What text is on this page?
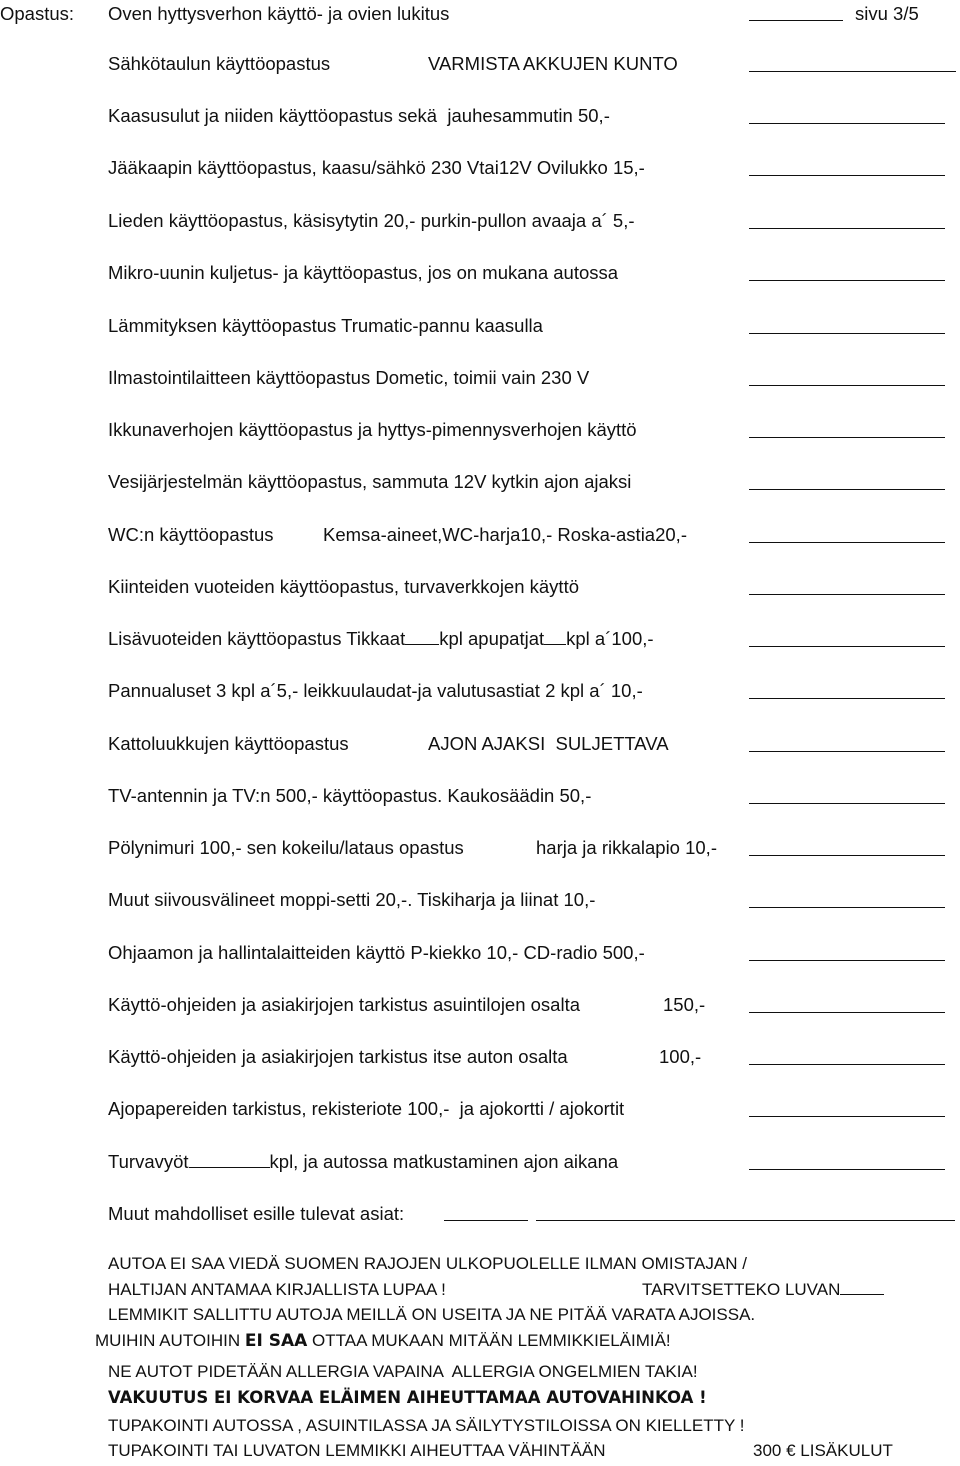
Opastus: Oven hyttysverhon käyttö- ja ovien lukitus	sivu 3/5
Sähkötaulun käyttöopastus	VARMISTA AKKUJEN KUNTO
Kaasusulut ja niiden käyttöopastus sekä  jauhesammutin 50,-
Jääkaapin käyttöopastus, kaasu/sähkö 230 Vtai12V Ovilukko 15,-
Lieden käyttöopastus, käsisytytin 20,- purkin-pullon avaaja a´ 5,-
Mikro-uunin kuljetus- ja käyttöopastus, jos on mukana autossa
Lämmityksen käyttöopastus Trumatic-pannu kaasulla
Ilmastointilaitteen käyttöopastus Dometic, toimii vain 230 V
Ikkunaverhojen käyttöopastus ja hyttys-pimennysverhojen käyttö
Vesijärjestelmän käyttöopastus, sammuta 12V kytkin ajon ajaksi
WC:n käyttöopastus	Kemsa-aineet,WC-harja10,- Roska-astia20,-
Kiinteiden vuoteiden käyttöopastus, turvaverkkojen käyttö
Lisävuoteiden käyttöopastus Tikkaat kpl apupatjat kpl a´100,-
Pannualuset 3 kpl a´5,- leikkuulaudat-ja valutusastiat 2 kpl a´ 10,-
Kattoluukkujen käyttöopastus	AJON AJAKSI  SULJETTAVA
TV-antennin ja TV:n 500,- käyttöopastus. Kaukosäädin 50,-
Pölynimuri 100,- sen kokeilu/lataus opastus	harja ja rikkalapio 10,-
Muut siivousvälineet moppi-setti 20,-. Tiskiharja ja liinat 10,-
Ohjaamon ja hallintalaitteiden käyttö P-kiekko 10,- CD-radio 500,-
Käyttö-ohjeiden ja asiakirjojen tarkistus asuintilojen osalta	150,-
Käyttö-ohjeiden ja asiakirjojen tarkistus itse auton osalta	100,-
Ajopapereiden tarkistus, rekisteriote 100,-  ja ajokortti / ajokortit
Turvavyöt	kpl, ja autossa matkustaminen ajon aikana
Muut mahdolliset esille tulevat asiat:
AUTOA EI SAA VIEDÄ SUOMEN RAJOJEN ULKOPUOLELLE ILMAN OMISTAJAN /
HALTIJAN ANTAMAA KIRJALLISTA LUPAA !	TARVITSETTEKO LUVAN
LEMMIKIT SALLITTU AUTOJA MEILLÄ ON USEITA JA NE PITÄÄ VARATA AJOISSA.
MUIHIN AUTOIHIN EI SAA OTTAA MUKAAN MITÄÄN LEMMIKKIELÄIMIÄ!
NE AUTOT PIDETÄÄN ALLERGIA VAPAINA  ALLERGIA ONGELMIEN TAKIA!
VAKUUTUS EI KORVAA ELÄIMEN AIHEUTTAMAA AUTOVAHINKOA !
TUPAKOINTI AUTOSSA , ASUINTILASSA JA SÄILYTYSTILOISSA ON KIELLETTY !
TUPAKOINTI TAI LUVATON LEMMIKKI AIHEUTTAA VÄHINTÄÄN	300 € LISÄKULUT
